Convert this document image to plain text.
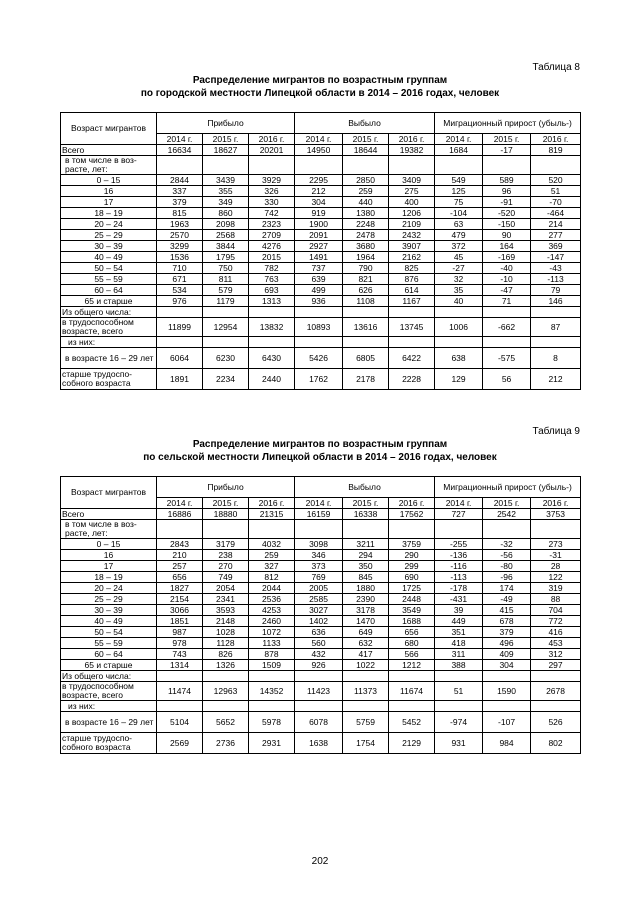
Таблица 8
Распределение мигрантов по возрастным группам
по городской местности Липецкой области в 2014 – 2016 годах, человек
Возраст мигрантов	Прибыло			Выбыло			Миграционный прирост (убыль-)		
	2014 г.	2015 г.	2016 г.	2014 г.	2015 г.	2016 г.	2014 г.	2015 г.	2016 г.
Всего	16634	18627	20201	14950	18644	19382	1684	-17	819
в том числе в воз-расте, лет:									
0 – 15	2844	3439	3929	2295	2850	3409	549	589	520
16	337	355	326	212	259	275	125	96	51
17	379	349	330	304	440	400	75	-91	-70
18 – 19	815	860	742	919	1380	1206	-104	-520	-464
20 – 24	1963	2098	2323	1900	2248	2109	63	-150	214
25 – 29	2570	2568	2709	2091	2478	2432	479	90	277
30 – 39	3299	3844	4276	2927	3680	3907	372	164	369
40 – 49	1536	1795	2015	1491	1964	2162	45	-169	-147
50 – 54	710	750	782	737	790	825	-27	-40	-43
55 – 59	671	811	763	639	821	876	32	-10	-113
60 – 64	534	579	693	499	626	614	35	-47	79
65 и старше	976	1179	1313	936	1108	1167	40	71	146
Из общего числа:									
в трудоспособном возрасте, всего	11899	12954	13832	10893	13616	13745	1006	-662	87
из них:									
в возрасте 16 – 29 лет	6064	6230	6430	5426	6805	6422	638	-575	8
старше трудоспо-собного возраста	1891	2234	2440	1762	2178	2228	129	56	212
Таблица 9
Распределение мигрантов по возрастным группам
по сельской местности Липецкой области в 2014 – 2016 годах, человек
Возраст мигрантов	Прибыло			Выбыло			Миграционный прирост (убыль-)		
	2014 г.	2015 г.	2016 г.	2014 г.	2015 г.	2016 г.	2014 г.	2015 г.	2016 г.
Всего	16886	18880	21315	16159	16338	17562	727	2542	3753
в том числе в воз-расте, лет:									
0 – 15	2843	3179	4032	3098	3211	3759	-255	-32	273
16	210	238	259	346	294	290	-136	-56	-31
17	257	270	327	373	350	299	-116	-80	28
18 – 19	656	749	812	769	845	690	-113	-96	122
20 – 24	1827	2054	2044	2005	1880	1725	-178	174	319
25 – 29	2154	2341	2536	2585	2390	2448	-431	-49	88
30 – 39	3066	3593	4253	3027	3178	3549	39	415	704
40 – 49	1851	2148	2460	1402	1470	1688	449	678	772
50 – 54	987	1028	1072	636	649	656	351	379	416
55 – 59	978	1128	1133	560	632	680	418	496	453
60 – 64	743	826	878	432	417	566	311	409	312
65 и старше	1314	1326	1509	926	1022	1212	388	304	297
Из общего числа:									
в трудоспособном возрасте, всего	11474	12963	14352	11423	11373	11674	51	1590	2678
из них:									
в возрасте 16 – 29 лет	5104	5652	5978	6078	5759	5452	-974	-107	526
старше трудоспо-собного возраста	2569	2736	2931	1638	1754	2129	931	984	802
202
